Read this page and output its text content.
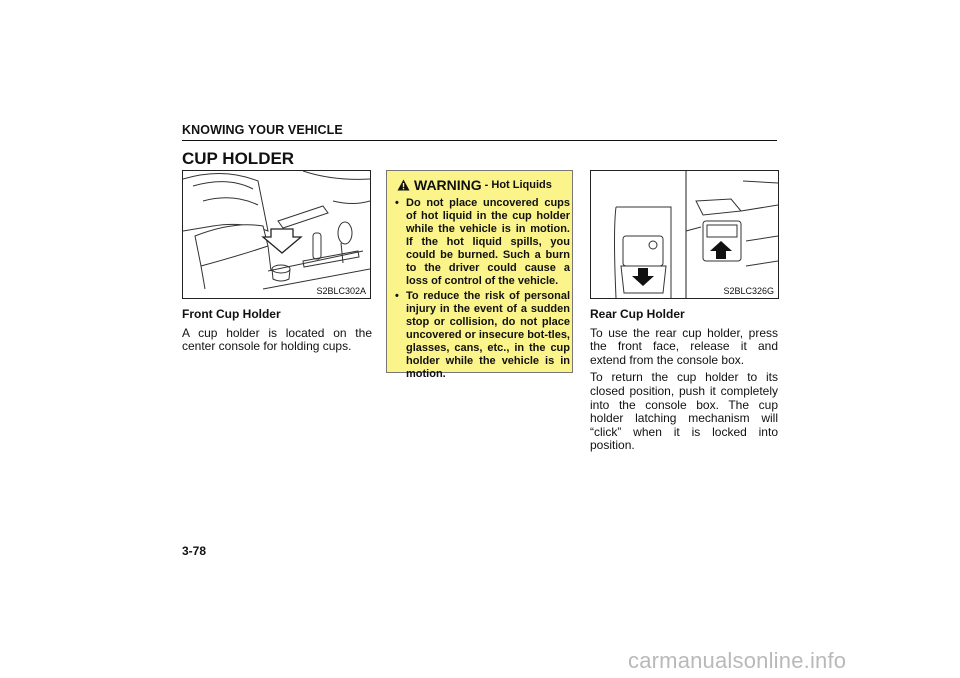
KNOWING YOUR VEHICLE
CUP HOLDER
S2BLC302A
WARNING - Hot Liquids
• Do not place uncovered cups of hot liquid in the cup holder while the vehicle is in motion. If the hot liquid spills, you could be burned. Such a burn to the driver could cause a loss of control of the vehicle.
• To reduce the risk of personal injury in the event of a sudden stop or collision, do not place uncovered or insecure bot-tles, glasses, cans, etc., in the cup holder while the vehicle is in motion.
S2BLC326G

Front Cup Holder

A cup holder is located on the center console for holding cups.

Rear Cup Holder

To use the rear cup holder, press the front face, release it and extend from the console box.

To return the cup holder to its closed position, push it completely into the console box. The cup holder latching mechanism will “click” when it is locked into position.

3-78
carmanualsonline.info
